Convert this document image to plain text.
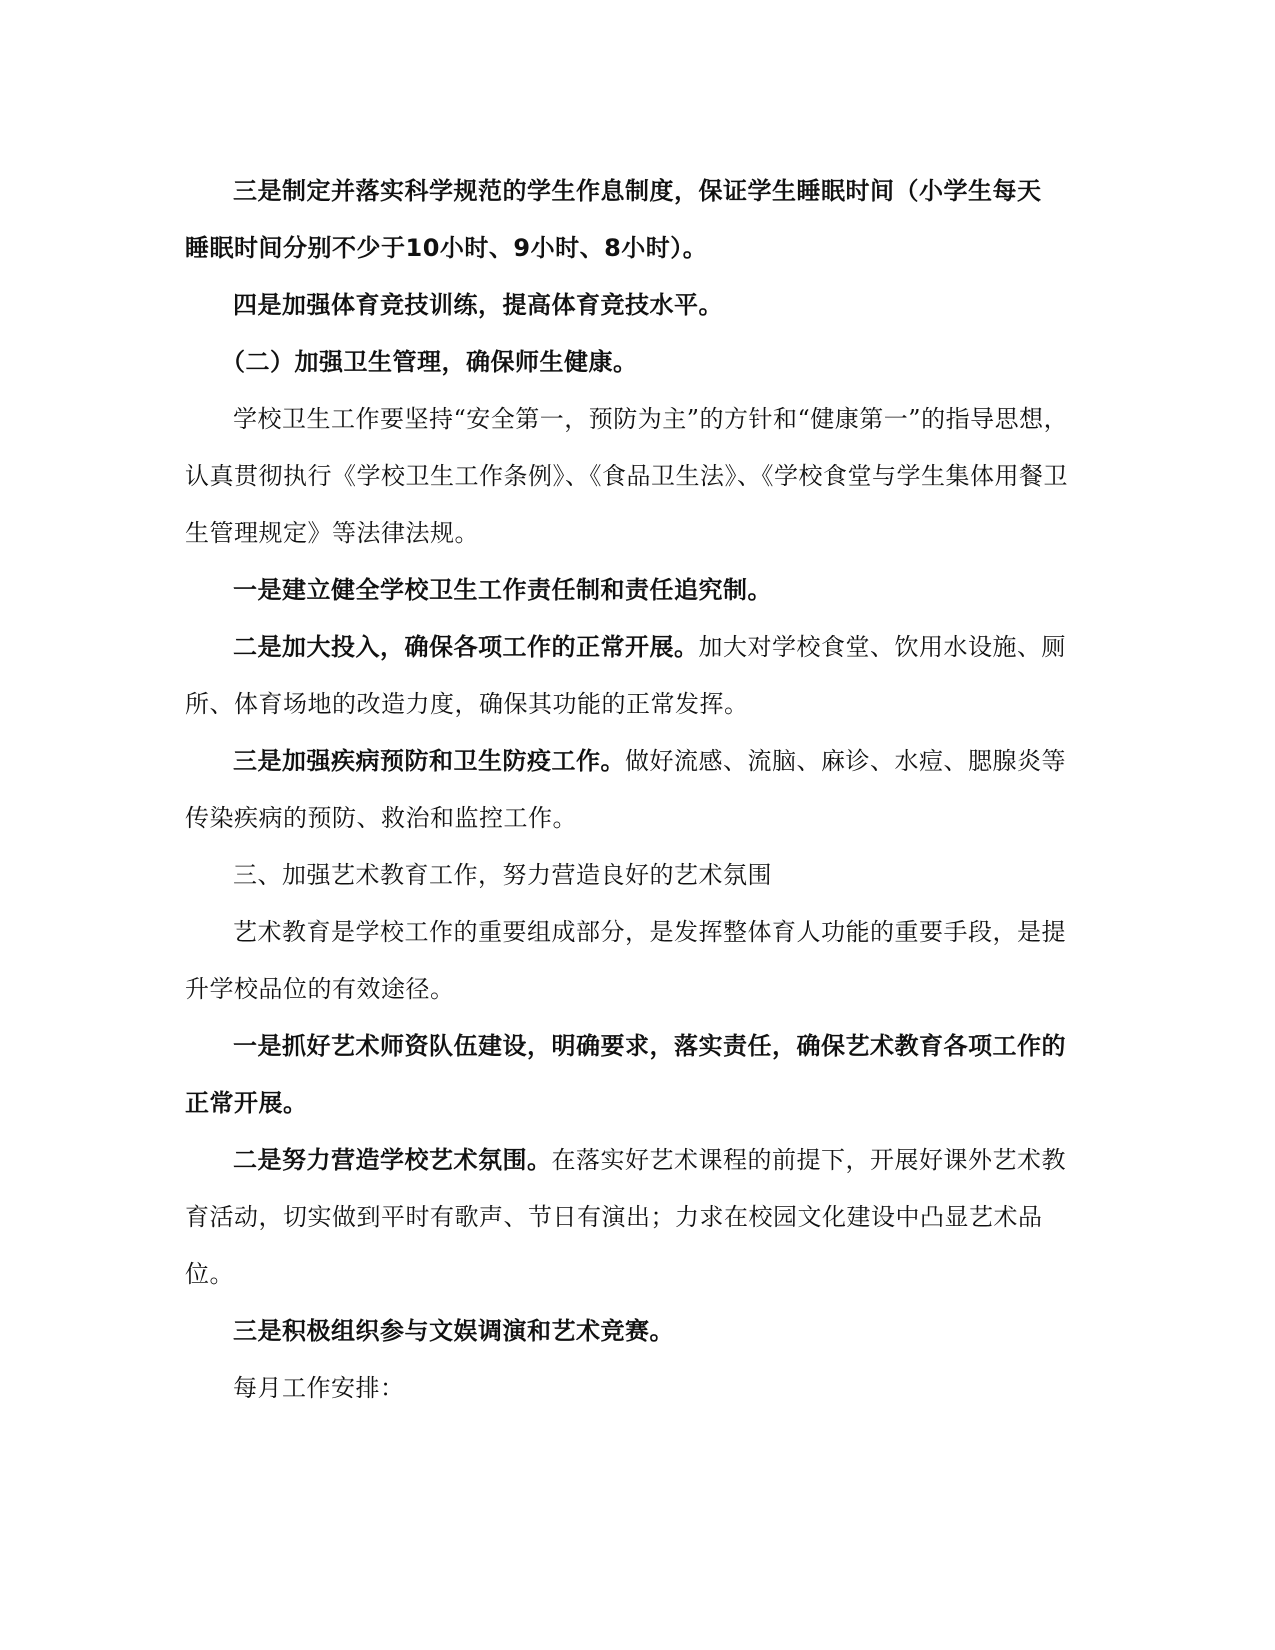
三是制定并落实科学规范的学生作息制度，保证学生睡眠时间（小学生每天
睡眠时间分别不少于10小时、9小时、8小时）。

四是加强体育竞技训练，提高体育竞技水平。

（二）加强卫生管理，确保师生健康。

学校卫生工作要坚持“安全第一，预防为主”的方针和“健康第一”的指导思想，认真贯彻执行《学校卫生工作条例》、《食品卫生法》、《学校食堂与学生集体用餐卫生管理规定》等法律法规。

一是建立健全学校卫生工作责任制和责任追究制。

二是加大投入，确保各项工作的正常开展。加大对学校食堂、饮用水设施、厕所、体育场地的改造力度，确保其功能的正常发挥。

三是加强疾病预防和卫生防疫工作。做好流感、流脑、麻诊、水痘、腮腺炎等传染疾病的预防、救治和监控工作。

三、加强艺术教育工作，努力营造良好的艺术氛围

艺术教育是学校工作的重要组成部分，是发挥整体育人功能的重要手段，是提升学校品位的有效途径。

一是抓好艺术师资队伍建设，明确要求，落实责任，确保艺术教育各项工作的正常开展。

二是努力营造学校艺术氛围。在落实好艺术课程的前提下，开展好课外艺术教育活动，切实做到平时有歌声、节日有演出；力求在校园文化建设中凸显艺术品位。

三是积极组织参与文娱调演和艺术竞赛。

每月工作安排：
